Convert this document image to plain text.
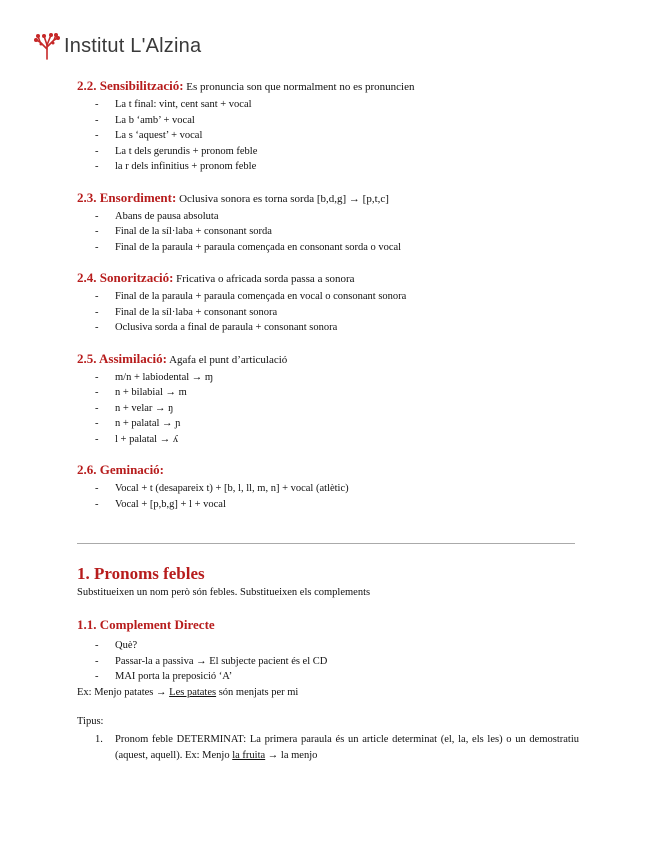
Institut L'Alzina
2.2. Sensibilització: Es pronuncia son que normalment no es pronuncien
- La t final: vint, cent sant + vocal
- La b ‘amb’ + vocal
- La s ‘aquest’ + vocal
- La t dels gerundis + pronom feble
- la r dels infinitius + pronom feble
2.3. Ensordiment: Oclusiva sonora es torna sorda [b,d,g] → [p,t,c]
- Abans de pausa absoluta
- Final de la síl·laba + consonant sorda
- Final de la paraula + paraula començada en consonant sorda o vocal
2.4. Sonorització: Fricativa o africada sorda passa a sonora
- Final de la paraula + paraula començada en vocal o consonant sonora
- Final de la síl·laba + consonant sonora
- Oclusiva sorda a final de paraula + consonant sonora
2.5. Assimilació: Agafa el punt d’articulació
- m/n + labiodental → ɱ
- n + bilabial → m
- n + velar → ŋ
- n + palatal → ɲ
- l + palatal → ʎ
2.6. Geminació:
- Vocal + t (desapareix t) + [b, l, ll, m, n] + vocal (atlètic)
- Vocal + [p,b,g] + l + vocal
1. Pronoms febles
Substitueixen un nom però són febles. Substitueixen els complements
1.1. Complement Directe
- Què?
- Passar-la a passiva → El subjecte pacient és el CD
- MAI porta la preposició ‘A’
Ex: Menjo patates → Les patates són menjats per mi
Tipus:
1. Pronom feble DETERMINAT: La primera paraula és un article determinat (el, la, els les) o un demostratiu (aquest, aquell). Ex: Menjo la fruita → la menjo
